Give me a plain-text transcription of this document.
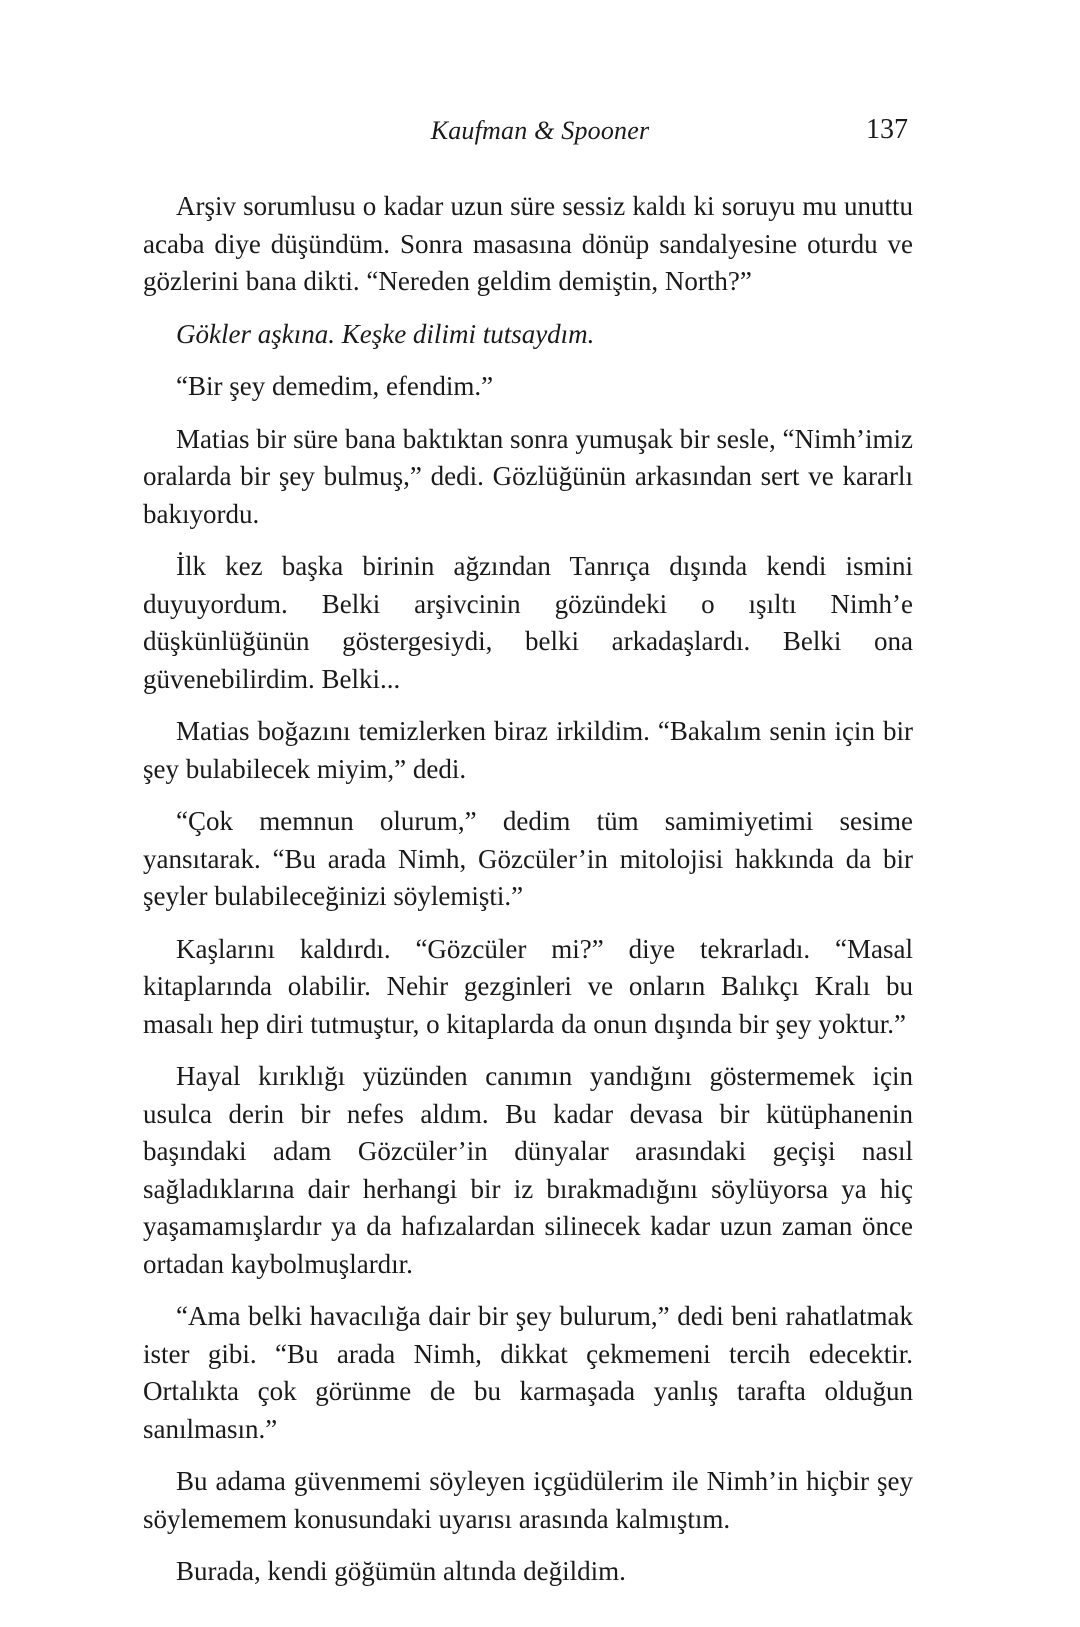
Kaufman & Spooner	137

Arşiv sorumlusu o kadar uzun süre sessiz kaldı ki soruyu mu unuttu acaba diye düşündüm. Sonra masasına dönüp sandalyesine oturdu ve gözlerini bana dikti. “Nereden geldim demiştin, North?”

Gökler aşkına. Keşke dilimi tutsaydım.

“Bir şey demedim, efendim.”

Matias bir süre bana baktıktan sonra yumuşak bir sesle, “Nimh’imiz oralarda bir şey bulmuş,” dedi. Gözlüğünün arkasından sert ve kararlı bakıyordu.

İlk kez başka birinin ağzından Tanrıça dışında kendi ismini duyuyordum. Belki arşivcinin gözündeki o ışıltı Nimh’e düşkünlüğünün göstergesiydi, belki arkadaşlardı. Belki ona güvenebilirdim. Belki...

Matias boğazını temizlerken biraz irkildim. “Bakalım senin için bir şey bulabilecek miyim,” dedi.

“Çok memnun olurum,” dedim tüm samimiyetimi sesime yansıtarak. “Bu arada Nimh, Gözcüler’in mitolojisi hakkında da bir şeyler bulabileceğinizi söylemişti.”

Kaşlarını kaldırdı. “Gözcüler mi?” diye tekrarladı. “Masal kitaplarında olabilir. Nehir gezginleri ve onların Balıkçı Kralı bu masalı hep diri tutmuştur, o kitaplarda da onun dışında bir şey yoktur.”

Hayal kırıklığı yüzünden canımın yandığını göstermemek için usulca derin bir nefes aldım. Bu kadar devasa bir kütüphanenin başındaki adam Gözcüler’in dünyalar arasındaki geçişi nasıl sağladıklarına dair herhangi bir iz bırakmadığını söylüyorsa ya hiç yaşamamışlardır ya da hafızalardan silinecek kadar uzun zaman önce ortadan kaybolmuşlardır.

“Ama belki havacılığa dair bir şey bulurum,” dedi beni rahatlatmak ister gibi. “Bu arada Nimh, dikkat çekmemeni tercih edecektir. Ortalıkta çok görünme de bu karmaşada yanlış tarafta olduğun sanılmasın.”

Bu adama güvenmemi söyleyen içgüdülerim ile Nimh’in hiçbir şey söylememem konusundaki uyarısı arasında kalmıştım.

Burada, kendi göğümün altında değildim.
